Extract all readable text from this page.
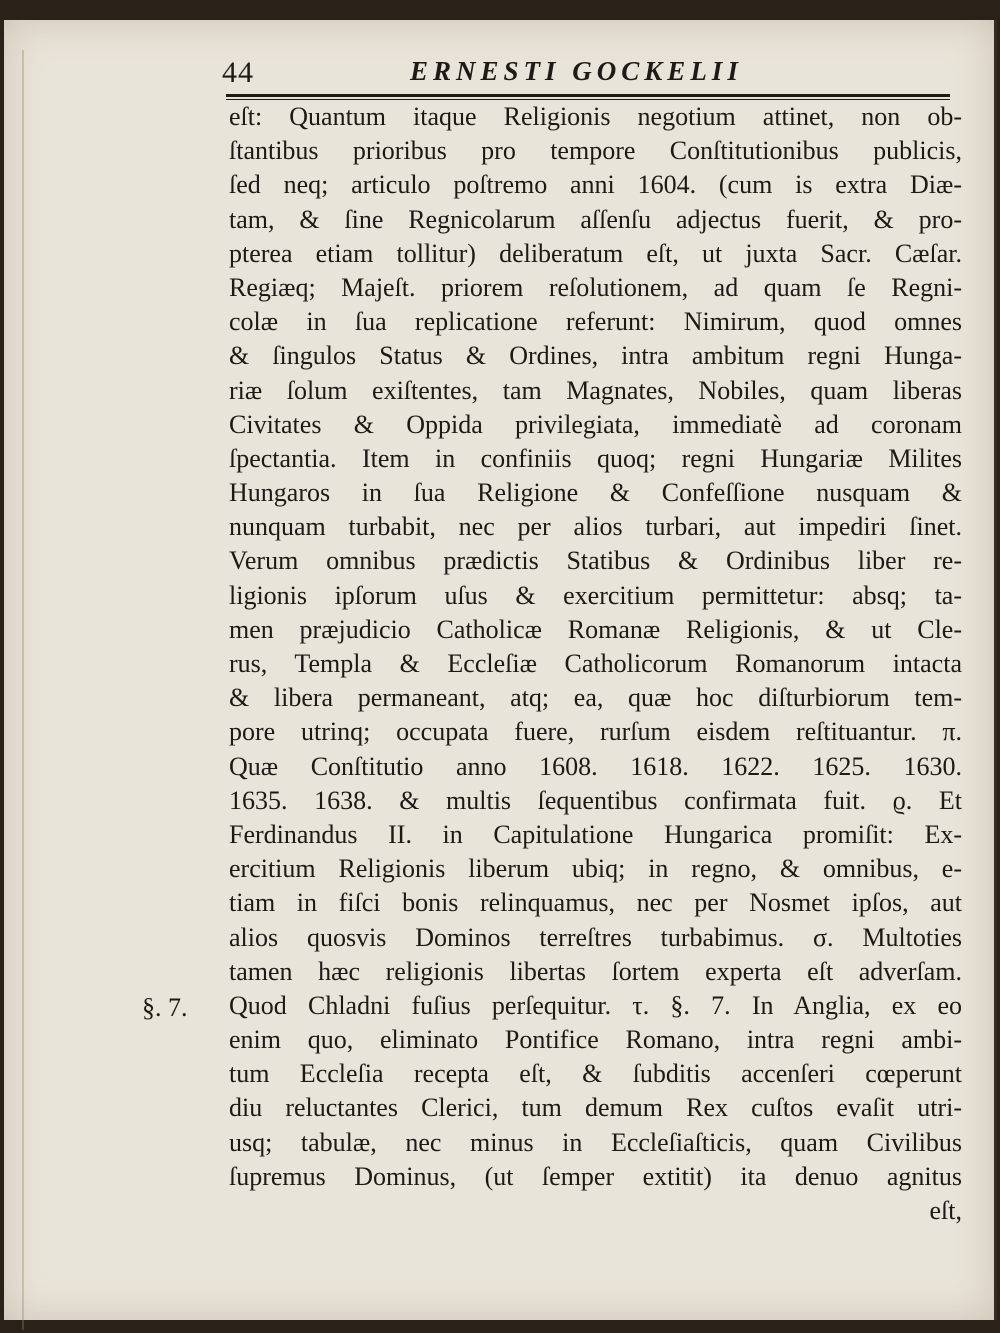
44	ERNESTI GOCKELII
§. 7.
eſt: Quantum itaque Religionis negotium attinet, non ob-
ſtantibus prioribus pro tempore Conſtitutionibus publicis,
ſed neq; articulo poſtremo anni 1604. (cum is extra Diæ-
tam, & ſine Regnicolarum aſſenſu adjectus fuerit, & pro-
pterea etiam tollitur) deliberatum eſt, ut juxta Sacr. Cæſar.
Regiæq; Majeſt. priorem reſolutionem, ad quam ſe Regni-
colæ in ſua replicatione referunt: Nimirum, quod omnes
& ſingulos Status & Ordines, intra ambitum regni Hunga-
riæ ſolum exiſtentes, tam Magnates, Nobiles, quam liberas
Civitates & Oppida privilegiata, immediatè ad coronam
ſpectantia. Item in confiniis quoq; regni Hungariæ Milites
Hungaros in ſua Religione & Confeſſione nusquam &
nunquam turbabit, nec per alios turbari, aut impediri ſinet.
Verum omnibus prædictis Statibus & Ordinibus liber re-
ligionis ipſorum uſus & exercitium permittetur: absq; ta-
men præjudicio Catholicæ Romanæ Religionis, & ut Cle-
rus, Templa & Eccleſiæ Catholicorum Romanorum intacta
& libera permaneant, atq; ea, quæ hoc diſturbiorum tem-
pore utrinq; occupata fuere, rurſum eisdem reſtituantur. π.
Quæ Conſtitutio anno 1608. 1618. 1622. 1625. 1630.
1635. 1638. & multis ſequentibus confirmata fuit. ϱ. Et
Ferdinandus II. in Capitulatione Hungarica promiſit: Ex-
ercitium Religionis liberum ubiq; in regno, & omnibus, e-
tiam in fiſci bonis relinquamus, nec per Nosmet ipſos, aut
alios quosvis Dominos terreſtres turbabimus. σ. Multoties
tamen hæc religionis libertas ſortem experta eſt adverſam.
Quod Chladni fuſius perſequitur. τ. §. 7. In Anglia, ex eo
enim quo, eliminato Pontifice Romano, intra regni ambi-
tum Eccleſia recepta eſt, & ſubditis accenſeri cœperunt
diu reluctantes Clerici, tum demum Rex cuſtos evaſit utri-
usq; tabulæ, nec minus in Eccleſiaſticis, quam Civilibus
ſupremus Dominus, (ut ſemper extitit) ita denuo agnitus
eſt,
